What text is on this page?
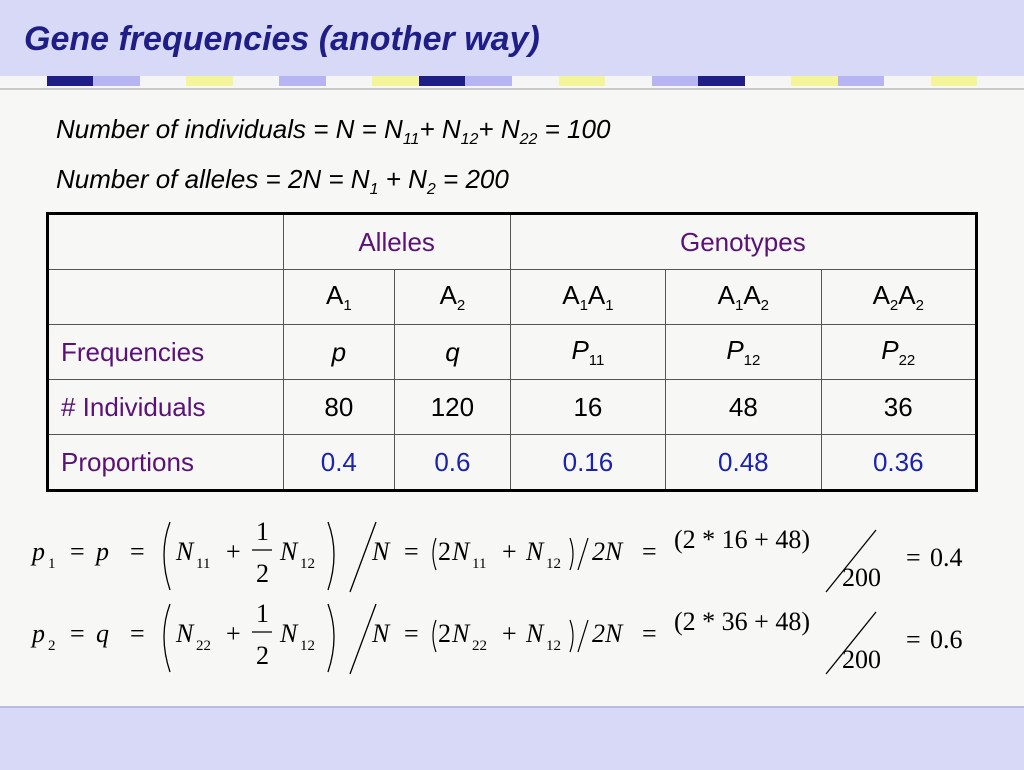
Gene frequencies (another way)
Number of individuals = $N = N_{11}+ N_{12}+ N_{22} = 100$
Number of alleles = $2N = N_1 + N_2 = 200$
	Alleles		Genotypes		
	$A_1$	$A_2$	$A_1A_1$	$A_1A_2$	$A_2A_2$
Frequencies	p	q	$P_{11}$	$P_{12}$	$P_{22}$
# Individuals	80	120	16	48	36
Proportions	0.4	0.6	0.16	0.48	0.36
p 1 = p = N 11 +
1
2
N 12 N = 2 N 11 + N 12 2N = (2 * 16 + 48)
200
= 0.4
p 2 = q = N 22 +
1
2
N 12 N = 2 N 22 + N 12 2N = (2 * 36 + 48)
200
= 0.6
